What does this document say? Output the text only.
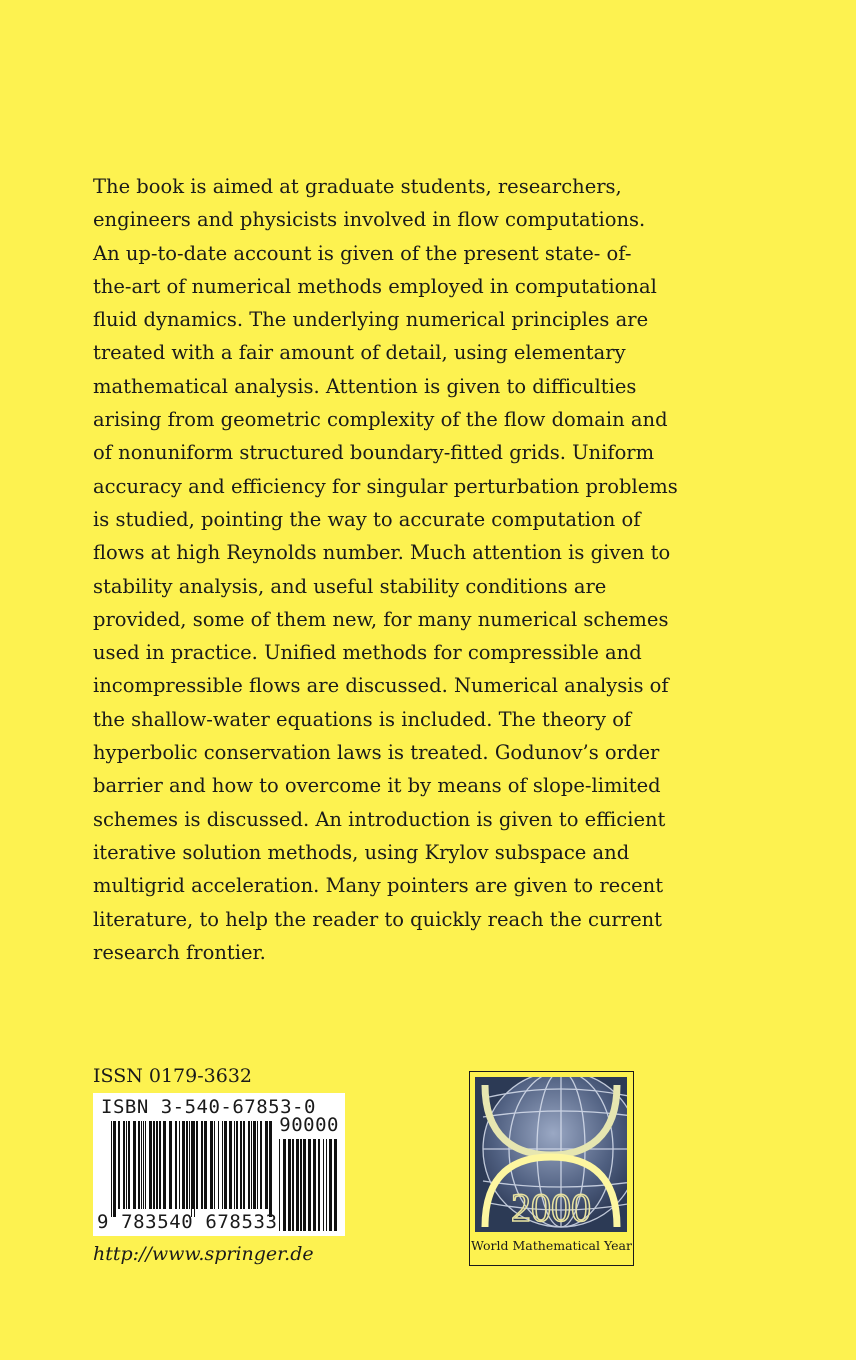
The book is aimed at graduate students, researchers,
engineers and physicists involved in flow computations.
An up-to-date account is given of the present state- of-
the-art of numerical methods employed in computational
fluid dynamics. The underlying numerical principles are
treated with a fair amount of detail, using elementary
mathematical analysis. Attention is given to difficulties
arising from geometric complexity of the flow domain and
of nonuniform structured boundary-fitted grids. Uniform
accuracy and efficiency for singular perturbation problems
is studied, pointing the way to accurate computation of
flows at high Reynolds number. Much attention is given to
stability analysis, and useful stability conditions are
provided, some of them new, for many numerical schemes
used in practice. Unified methods for compressible and
incompressible flows are discussed. Numerical analysis of
the shallow-water equations is included. The theory of
hyperbolic conservation laws is treated. Godunov’s order
barrier and how to overcome it by means of slope-limited
schemes is discussed. An introduction is given to efficient
iterative solution methods, using Krylov subspace and
multigrid acceleration. Many pointers are given to recent
literature, to help the reader to quickly reach the current
research frontier.
ISSN 0179-3632
ISBN 3-540-67853-0
90000
9 783540 678533
http://www.springer.de
2000
World Mathematical Year
